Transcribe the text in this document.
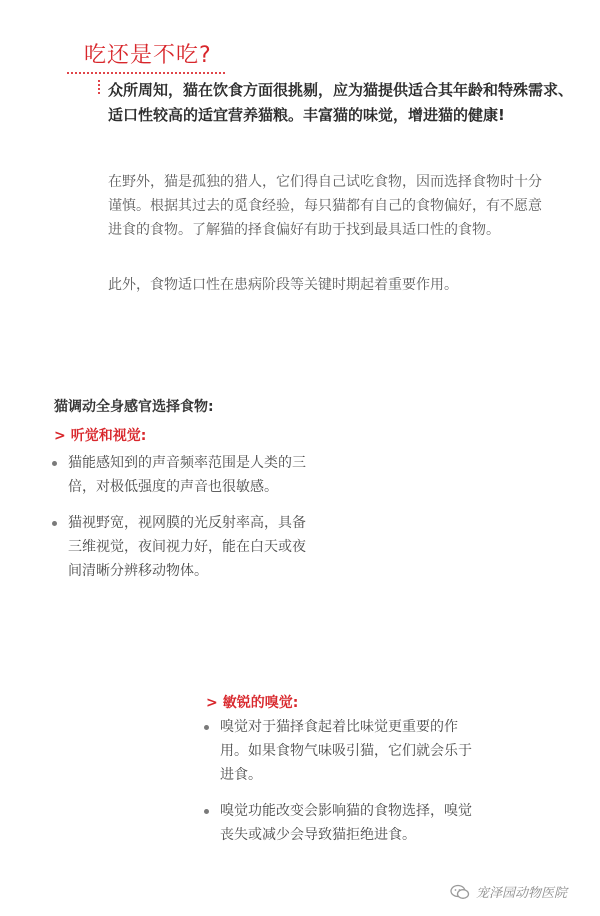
吃还是不吃?
众所周知，猫在饮食方面很挑剔，应为猫提供适合其年龄和特殊需求、适口性较高的适宜营养猫粮。丰富猫的味觉，增进猫的健康!
在野外，猫是孤独的猎人，它们得自己试吃食物，因而选择食物时十分谨慎。根据其过去的觅食经验，每只猫都有自己的食物偏好，有不愿意进食的食物。了解猫的择食偏好有助于找到最具适口性的食物。
此外，食物适口性在患病阶段等关键时期起着重要作用。
猫调动全身感官选择食物:
> 听觉和视觉:
猫能感知到的声音频率范围是人类的三倍，对极低强度的声音也很敏感。
猫视野宽，视网膜的光反射率高，具备三维视觉，夜间视力好，能在白天或夜间清晰分辨移动物体。
> 敏锐的嗅觉:
嗅觉对于猫择食起着比味觉更重要的作用。如果食物气味吸引猫，它们就会乐于进食。
嗅觉功能改变会影响猫的食物选择，嗅觉丧失或减少会导致猫拒绝进食。
宠泽园动物医院
